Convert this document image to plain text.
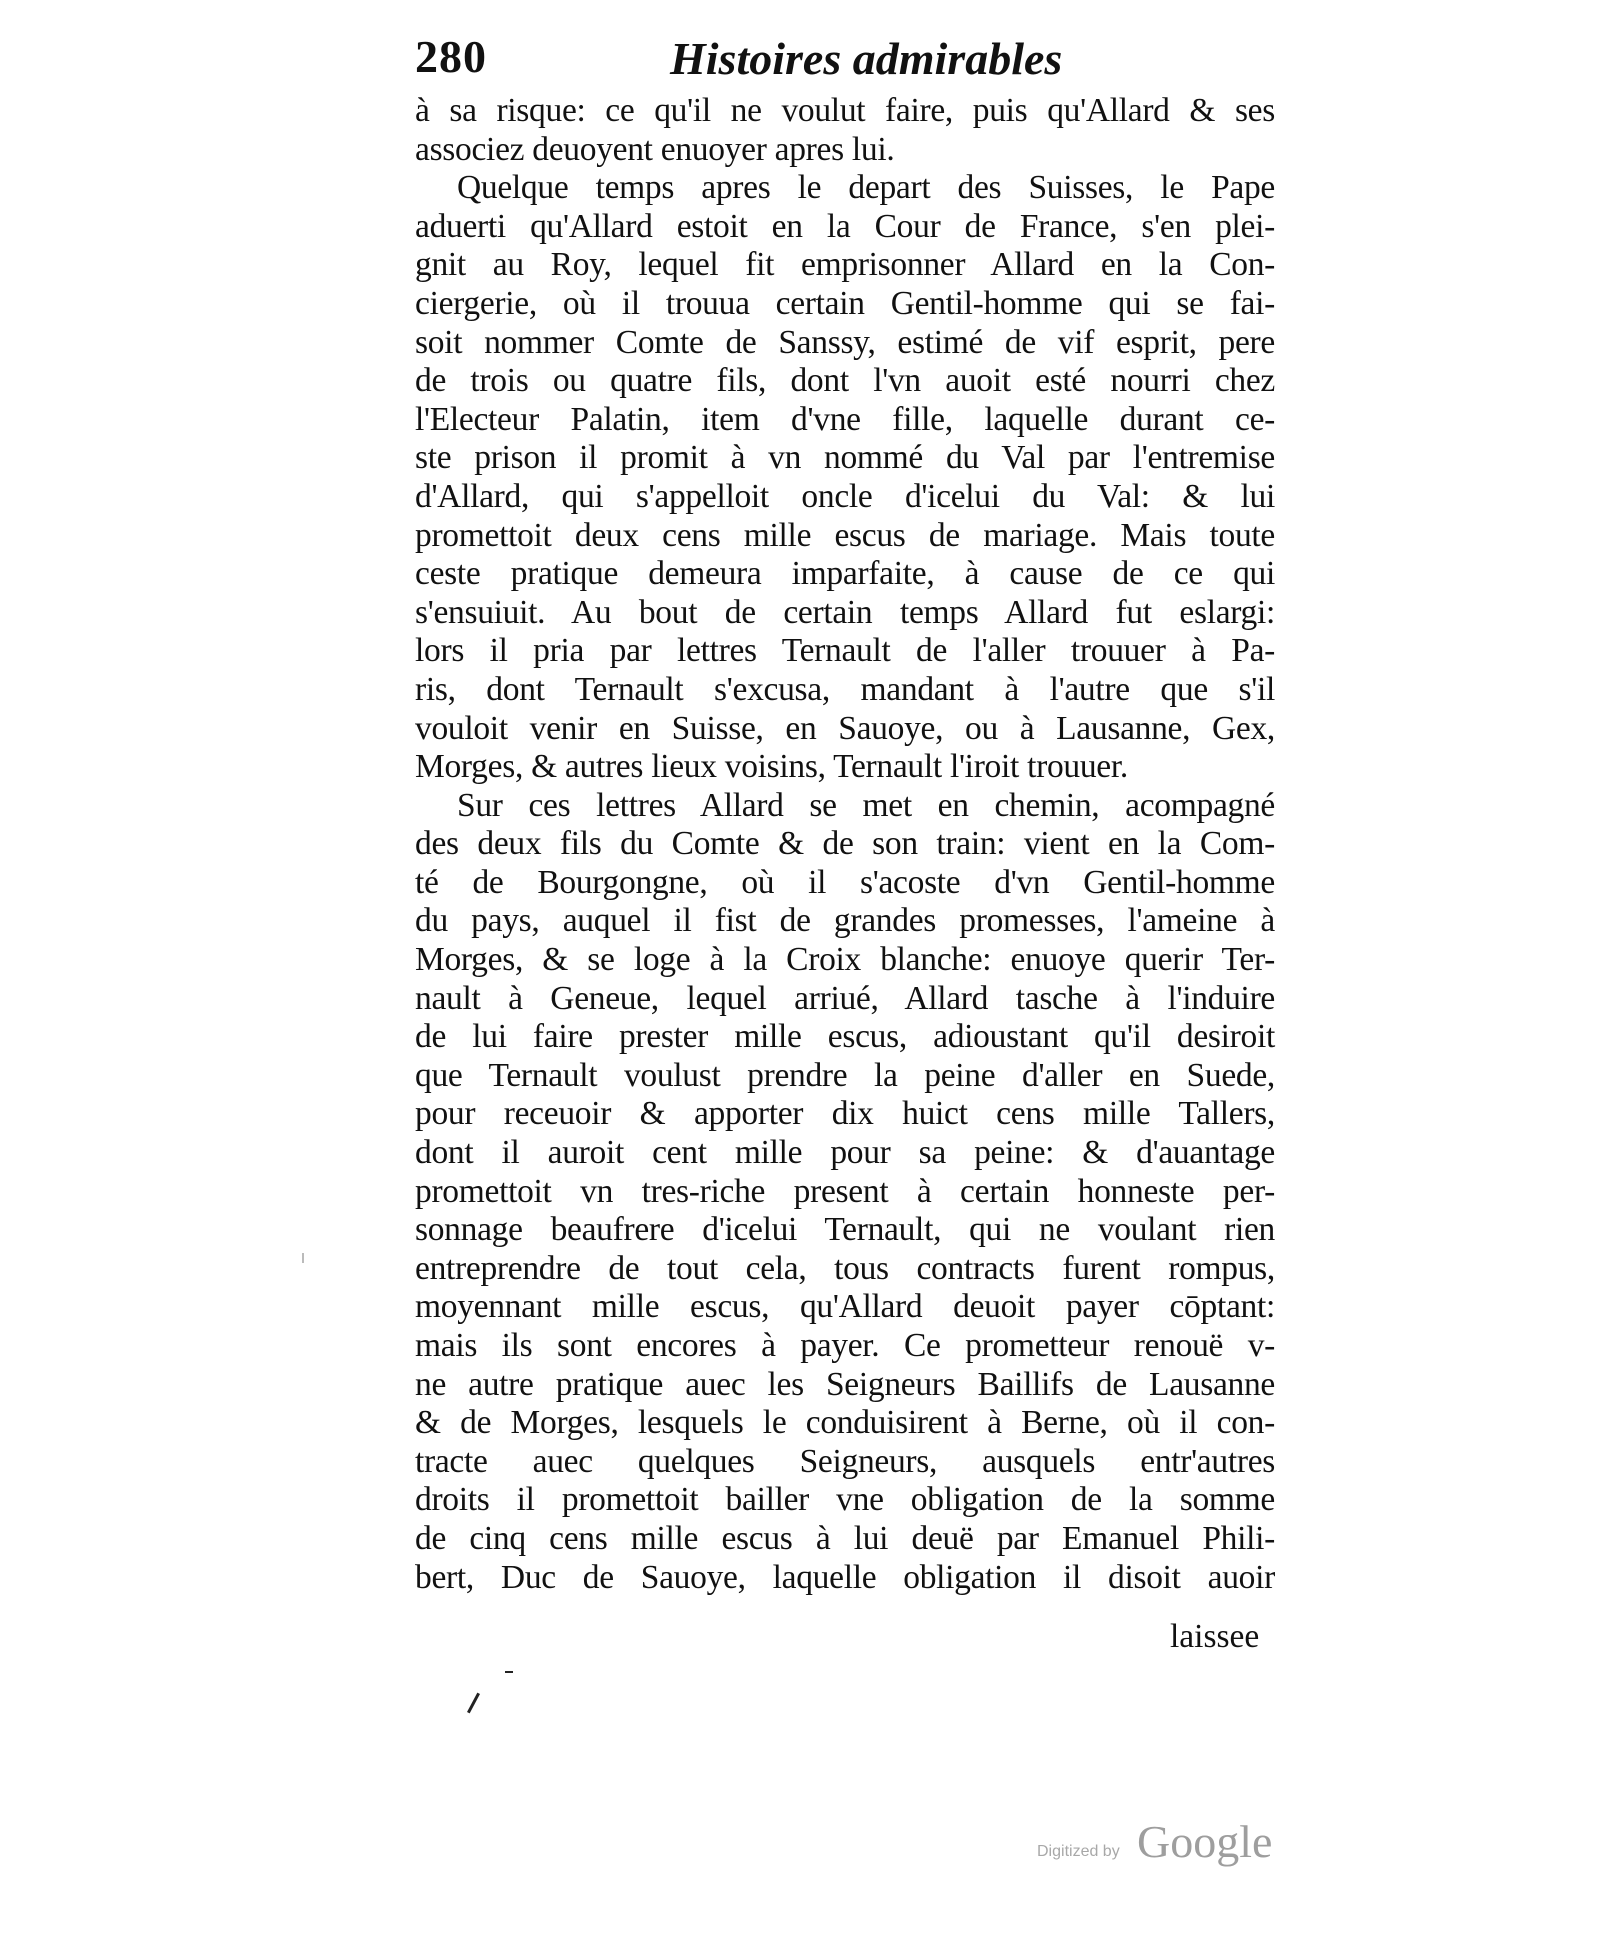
280	Histoires admirables
à sa risque: ce qu'il ne voulut faire, puis qu'Allard & ses
associez deuoyent enuoyer apres lui.
Quelque temps apres le depart des Suisses, le Pape
aduerti qu'Allard estoit en la Cour de France, s'en plei-
gnit au Roy, lequel fit emprisonner Allard en la Con-
ciergerie, où il trouua certain Gentil-homme qui se fai-
soit nommer Comte de Sanssy, estimé de vif esprit, pere
de trois ou quatre fils, dont l'vn auoit esté nourri chez
l'Electeur Palatin, item d'vne fille, laquelle durant ce-
ste prison il promit à vn nommé du Val par l'entremise
d'Allard, qui s'appelloit oncle d'icelui du Val: & lui
promettoit deux cens mille escus de mariage. Mais toute
ceste pratique demeura imparfaite, à cause de ce qui
s'ensuiuit. Au bout de certain temps Allard fut eslargi:
lors il pria par lettres Ternault de l'aller trouuer à Pa-
ris, dont Ternault s'excusa, mandant à l'autre que s'il
vouloit venir en Suisse, en Sauoye, ou à Lausanne, Gex,
Morges, & autres lieux voisins, Ternault l'iroit trouuer.
Sur ces lettres Allard se met en chemin, acompagné
des deux fils du Comte & de son train: vient en la Com-
té de Bourgongne, où il s'acoste d'vn Gentil-homme
du pays, auquel il fist de grandes promesses, l'ameine à
Morges, & se loge à la Croix blanche: enuoye querir Ter-
nault à Geneue, lequel arriué, Allard tasche à l'induire
de lui faire prester mille escus, adioustant qu'il desiroit
que Ternault voulust prendre la peine d'aller en Suede,
pour receuoir & apporter dix huict cens mille Tallers,
dont il auroit cent mille pour sa peine: & d'auantage
promettoit vn tres-riche present à certain honneste per-
sonnage beaufrere d'icelui Ternault, qui ne voulant rien
entreprendre de tout cela, tous contracts furent rompus,
moyennant mille escus, qu'Allard deuoit payer cōptant:
mais ils sont encores à payer. Ce prometteur renouë v-
ne autre pratique auec les Seigneurs Baillifs de Lausanne
& de Morges, lesquels le conduisirent à Berne, où il con-
tracte auec quelques Seigneurs, ausquels entr'autres
droits il promettoit bailler vne obligation de la somme
de cinq cens mille escus à lui deuë par Emanuel Phili-
bert, Duc de Sauoye, laquelle obligation il disoit auoir
laissee
Digitized by Google
